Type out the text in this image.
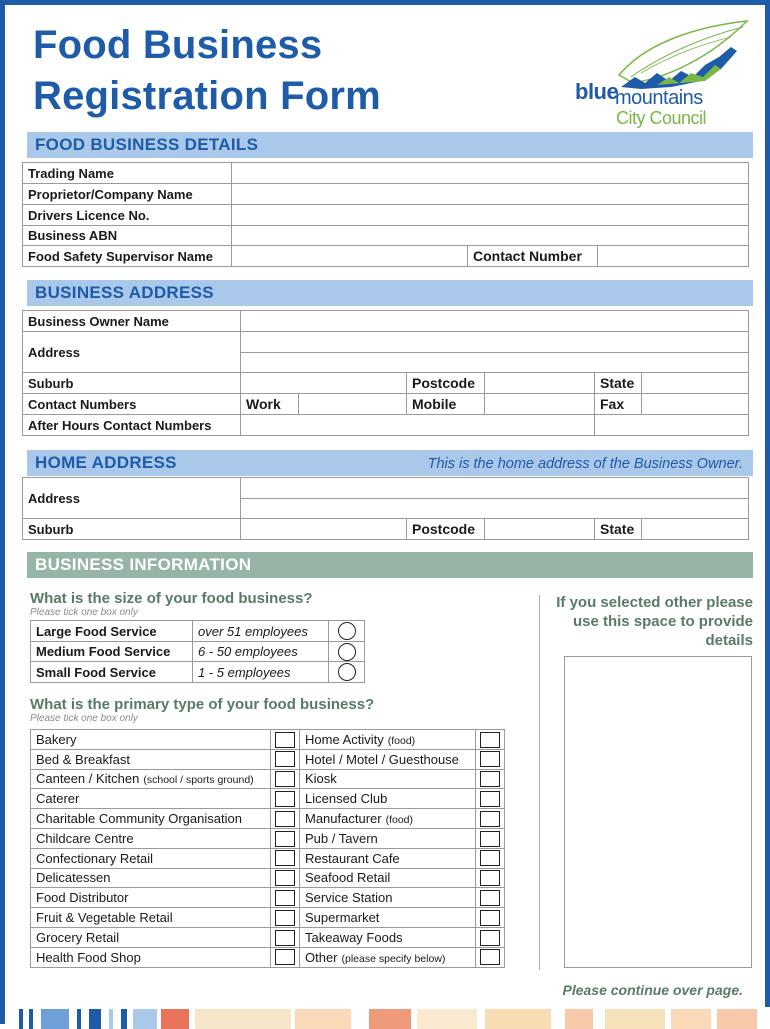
Food Business
Registration Form	blue
mountains
City Council
FOOD BUSINESS DETAILS
Trading Name			
Proprietor/Company Name			
Drivers Licence No.			
Business ABN			
Food Safety Supervisor Name		Contact Number	
BUSINESS ADDRESS
Business Owner Name						
Address						

Suburb			Postcode		State	
Contact Numbers	Work		Mobile		Fax	
After Hours Contact Numbers						
HOME ADDRESS	This is the home address of the Business Owner.
Address					

Suburb		Postcode		State	
BUSINESS INFORMATION
What is the size of your food business?
Please tick one box only
Large Food Service	over 51 employees	
Medium Food Service	6 - 50 employees	
Small Food Service	1 - 5 employees	
What is the primary type of your food business?
Please tick one box only
Bakery		Home Activity (food)	
Bed & Breakfast		Hotel / Motel / Guesthouse	
Canteen / Kitchen (school / sports ground)		Kiosk	
Caterer		Licensed Club	
Charitable Community Organisation		Manufacturer (food)	
Childcare Centre		Pub / Tavern	
Confectionary Retail		Restaurant Cafe	
Delicatessen		Seafood Retail	
Food Distributor		Service Station	
Fruit & Vegetable Retail		Supermarket	
Grocery Retail		Takeaway Foods	
Health Food Shop		Other (please specify below)	
If you selected other please use this space to provide details
Please continue over page.
